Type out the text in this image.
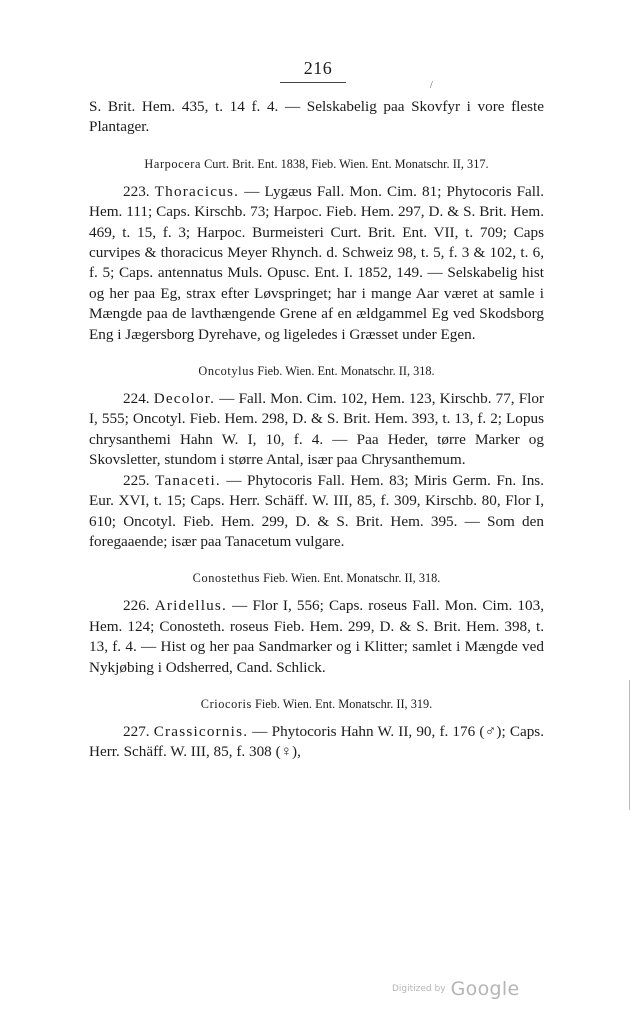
216
/

S. Brit. Hem. 435, t. 14 f. 4. — Selskabelig paa Skovfyr i vore fleste Plantager.

Harpocera Curt. Brit. Ent. 1838, Fieb. Wien. Ent. Monatschr. II, 317.

223. Thoracicus. — Lygæus Fall. Mon. Cim. 81; Phytocoris Fall. Hem. 111; Caps. Kirschb. 73; Harpoc. Fieb. Hem. 297, D. & S. Brit. Hem. 469, t. 15, f. 3; Harpoc. Burmeisteri Curt. Brit. Ent. VII, t. 709; Caps curvipes & thoracicus Meyer Rhynch. d. Schweiz 98, t. 5, f. 3 & 102, t. 6, f. 5; Caps. antennatus Muls. Opusc. Ent. I. 1852, 149. — Selskabelig hist og her paa Eg, strax efter Løvspringet; har i mange Aar været at samle i Mængde paa de lavthængende Grene af en ældgammel Eg ved Skodsborg Eng i Jægersborg Dyrehave, og ligeledes i Græsset under Egen.

Oncotylus Fieb. Wien. Ent. Monatschr. II, 318.

224. Decolor. — Fall. Mon. Cim. 102, Hem. 123, Kirschb. 77, Flor I, 555; Oncotyl. Fieb. Hem. 298, D. & S. Brit. Hem. 393, t. 13, f. 2; Lopus chrysanthemi Hahn W. I, 10, f. 4. — Paa Heder, tørre Marker og Skovsletter, stundom i større Antal, især paa Chrysanthemum.

225. Tanaceti. — Phytocoris Fall. Hem. 83; Miris Germ. Fn. Ins. Eur. XVI, t. 15; Caps. Herr. Schäff. W. III, 85, f. 309, Kirschb. 80, Flor I, 610; Oncotyl. Fieb. Hem. 299, D. & S. Brit. Hem. 395. — Som den foregaaende; især paa Tanacetum vulgare.

Conostethus Fieb. Wien. Ent. Monatschr. II, 318.

226. Aridellus. — Flor I, 556; Caps. roseus Fall. Mon. Cim. 103, Hem. 124; Conosteth. roseus Fieb. Hem. 299, D. & S. Brit. Hem. 398, t. 13, f. 4. — Hist og her paa Sandmarker og i Klitter; samlet i Mængde ved Nykjøbing i Odsherred, Cand. Schlick.

Criocoris Fieb. Wien. Ent. Monatschr. II, 319.

227. Crassicornis. — Phytocoris Hahn W. II, 90, f. 176 (♂); Caps. Herr. Schäff. W. III, 85, f. 308 (♀),

Digitized by Google
